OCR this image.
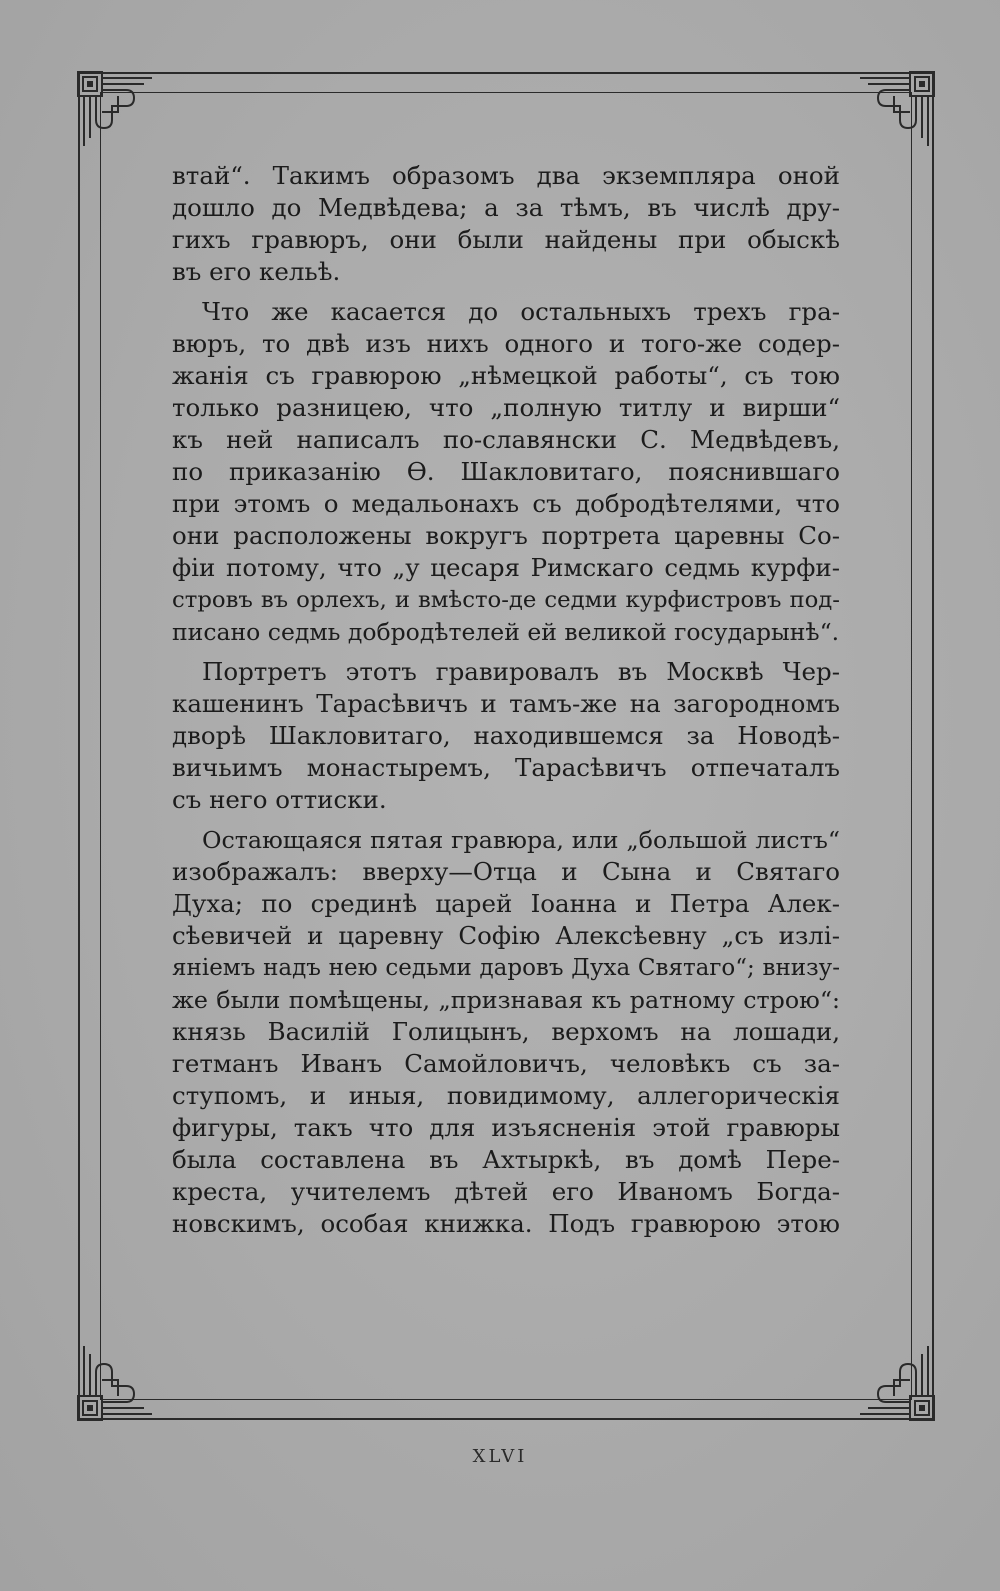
втай“. Такимъ образомъ два экземпляра оной
дошло до Медвѣдева; а за тѣмъ, въ числѣ дру-
гихъ гравюръ, они были найдены при обыскѣ
въ его кельѣ.

Что же касается до остальныхъ трехъ гра-
вюръ, то двѣ изъ нихъ одного и того-же содер-
жанія съ гравюрою „нѣмецкой работы“, съ тою
только разницею, что „полную титлу и вирши“
къ ней написалъ по-славянски С. Медвѣдевъ,
по приказанію Ѳ. Шакловитаго, пояснившаго
при этомъ о медальонахъ съ добродѣтелями, что
они расположены вокругъ портрета царевны Со-
фіи потому, что „у цесаря Римскаго седмь курфи-
стровъ въ орлехъ, и вмѣсто-де седми курфистровъ под-
писано седмь добродѣтелей ей великой государынѣ“.

Портретъ этотъ гравировалъ въ Москвѣ Чер-
кашенинъ Тарасѣвичъ и тамъ-же на загородномъ
дворѣ Шакловитаго, находившемся за Новодѣ-
вичьимъ монастыремъ, Тарасѣвичъ отпечаталъ
съ него оттиски.

Остающаяся пятая гравюра, или „большой листъ“
изображалъ: вверху—Отца и Сына и Святаго
Духа; по срединѣ царей Іоанна и Петра Алек-
сѣевичей и царевну Софію Алексѣевну „съ излі-
яніемъ надъ нею седьми даровъ Духа Святаго“; внизу-
же были помѣщены, „признавая къ ратному строю“:
князь Василій Голицынъ, верхомъ на лошади,
гетманъ Иванъ Самойловичъ, человѣкъ съ за-
ступомъ, и иныя, повидимому, аллегорическія
фигуры, такъ что для изъясненія этой гравюры
была составлена въ Ахтыркѣ, въ домѣ Пере-
креста, учителемъ дѣтей его Иваномъ Богда-
новскимъ, особая книжка. Подъ гравюрою этою

XLVI
